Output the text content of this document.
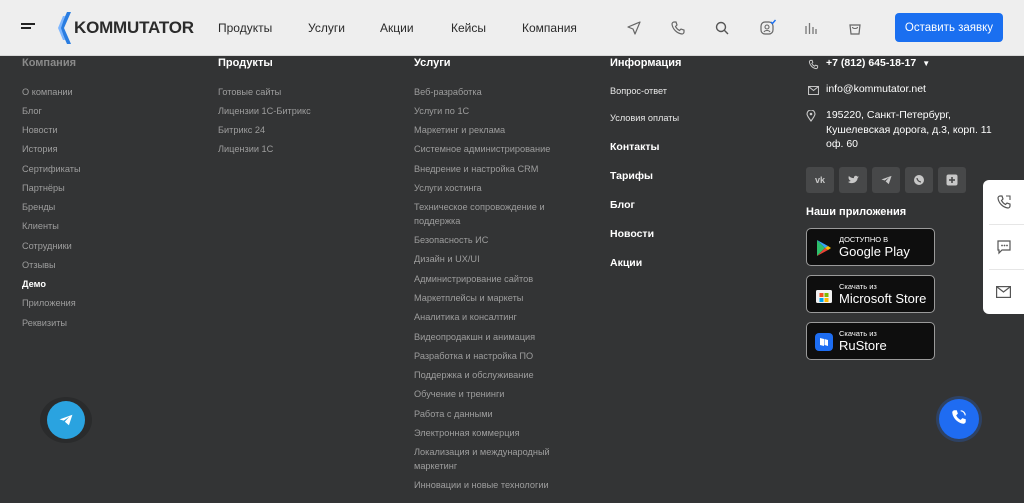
KOMMUTATOR Продукты	Услуги	Акции	Кейсы	Компания	Оставить заявку
Компания
О компании
Блог
Новости
История
Сертификаты
Партнёры
Бренды
Клиенты
Сотрудники
Отзывы
Демо
Приложения
Реквизиты
Продукты
Готовые сайты
Лицензии 1С-Битрикс
Битрикс 24
Лицензии 1С
Услуги
Веб-разработка
Услуги по 1С
Маркетинг и реклама
Системное администрирование
Внедрение и настройка CRM
Услуги хостинга
Техническое сопровождение и
поддержка
Безопасность ИС
Дизайн и UX/UI
Администрирование сайтов
Маркетплейсы и маркеты
Аналитика и консалтинг
Видеопродакшн и анимация
Разработка и настройка ПО
Поддержка и обслуживание
Обучение и тренинги
Работа с данными
Электронная коммерция
Локализация и международный
маркетинг
Инновации и новые технологии
Информация
Вопрос-ответ
Условия оплаты
Контакты
Тарифы
Блог
Новости
Акции
+7 (812) 645-18-17 ▼
info@kommutator.net
195220, Санкт-Петербург,
Кушелевская дорога, д.3, корп. 11
оф. 60
vk
Наши приложения
ДОСТУПНО В
Google Play
Скачать из
Microsoft Store
Скачать из
RuStore
